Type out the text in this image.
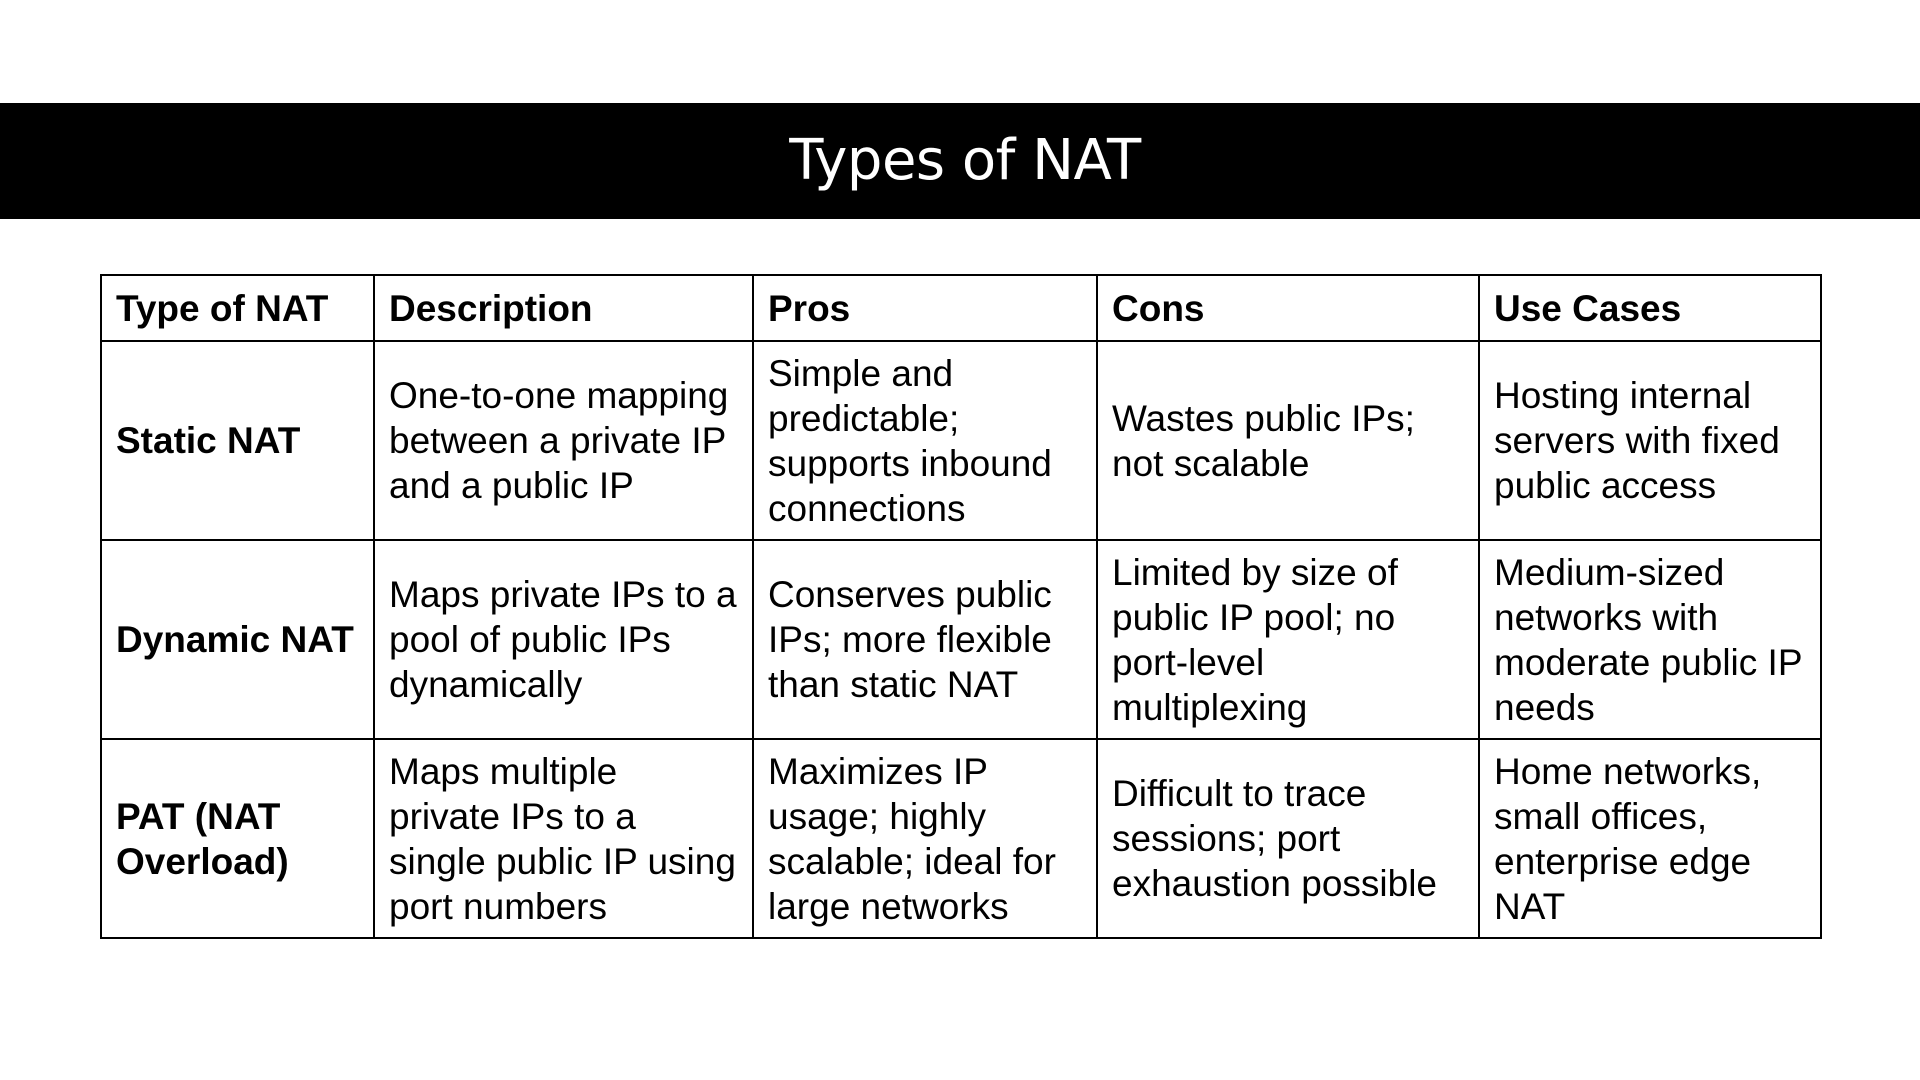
Types of NAT
Type of NAT	Description	Pros	Cons	Use Cases
Static NAT	One-to-one mapping between a private IP and a public IP	Simple and predictable; supports inbound connections	Wastes public IPs; not scalable	Hosting internal servers with fixed public access
Dynamic NAT	Maps private IPs to a pool of public IPs dynamically	Conserves public IPs; more flexible than static NAT	Limited by size of public IP pool; no port-level multiplexing	Medium-sized networks with moderate public IP needs
PAT (NAT Overload)	Maps multiple private IPs to a single public IP using port numbers	Maximizes IP usage; highly scalable; ideal for large networks	Difficult to trace sessions; port exhaustion possible	Home networks, small offices, enterprise edge NAT
